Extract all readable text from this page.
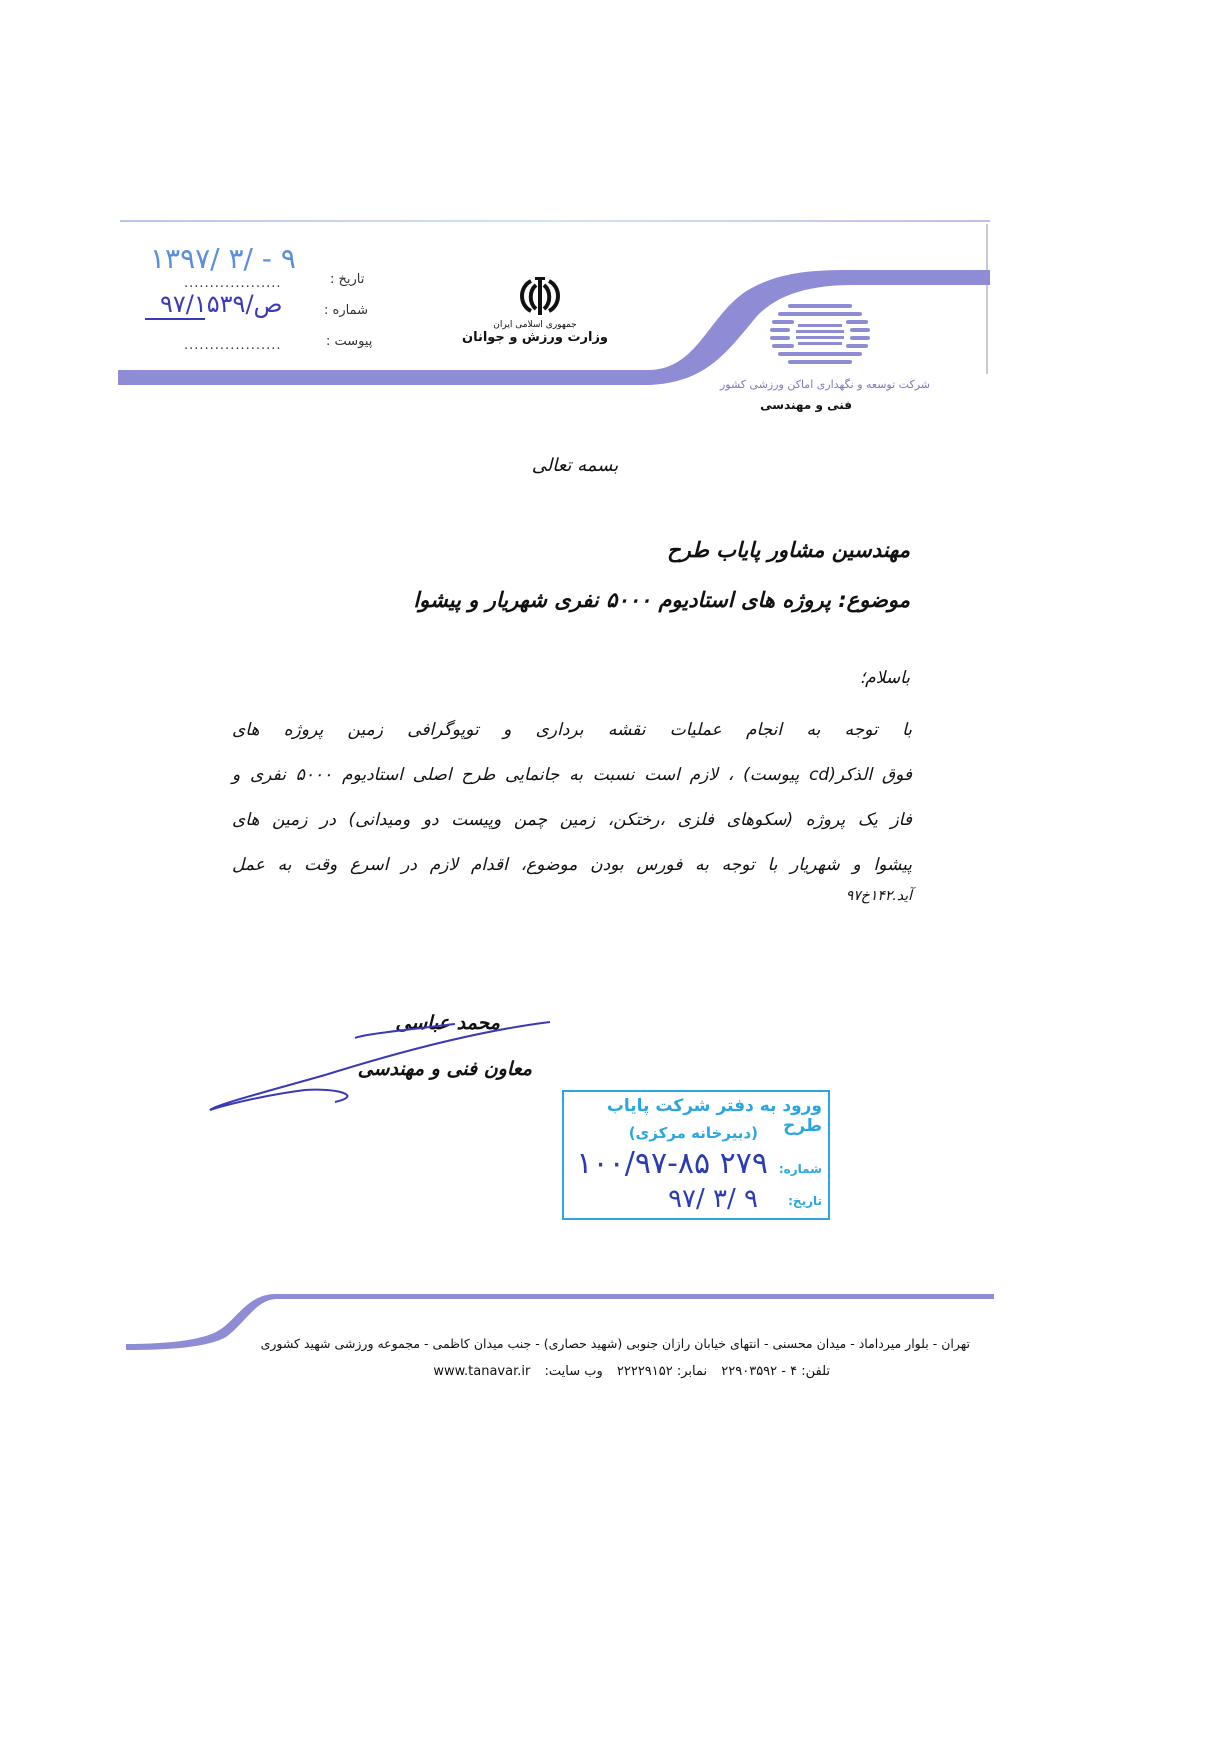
شرکت توسعه و نگهداری اماکن ورزشی کشور
فنی و مهندسی
جمهوری اسلامی ایران
وزارت ورزش و جوانان
۱۳۹۷/ ۳/ - ۹
تاریخ :
...................
شماره :
ص/۹۷/۱۵۳۹
پیوست :
...................
بسمه تعالی
مهندسین مشاور پایاب طرح
موضوع: پروژه های استادیوم ۵۰۰۰ نفری شهریار و پیشوا
باسلام؛

با توجه به انجام عملیات نقشه برداری و توپوگرافی زمین پروژه های

فوق الذکر(cd پیوست) ، لازم است نسبت به جانمایی طرح اصلی استادیوم ۵۰۰۰ نفری و

فاز یک پروژه (سکوهای فلزی ،رختکن، زمین چمن وپیست دو ومیدانی) در زمین های

پیشوا و شهریار با توجه به فورس بودن موضوع، اقدام لازم در اسرع وقت به عمل

آید.۱۴۲خ۹۷
محمد عباسی
معاون فنی و مهندسی
ورود به دفتر شرکت پایاب طرح
(دبیرخانه مرکزی)
شماره:
۱۰۰/۹۷-۸۵ ۲۷۹
تاریخ:
۹۷/ ۳/ ۹
تهران - بلوار میرداماد - میدان محسنی - انتهای خیابان رازان جنوبی (شهید حصاری) - جنب میدان کاظمی - مجموعه ورزشی شهید کشوری
تلفن: ۴ - ۲۲۹۰۳۵۹۲ نمابر: ۲۲۲۲۹۱۵۲ وب سایت: www.tanavar.ir
